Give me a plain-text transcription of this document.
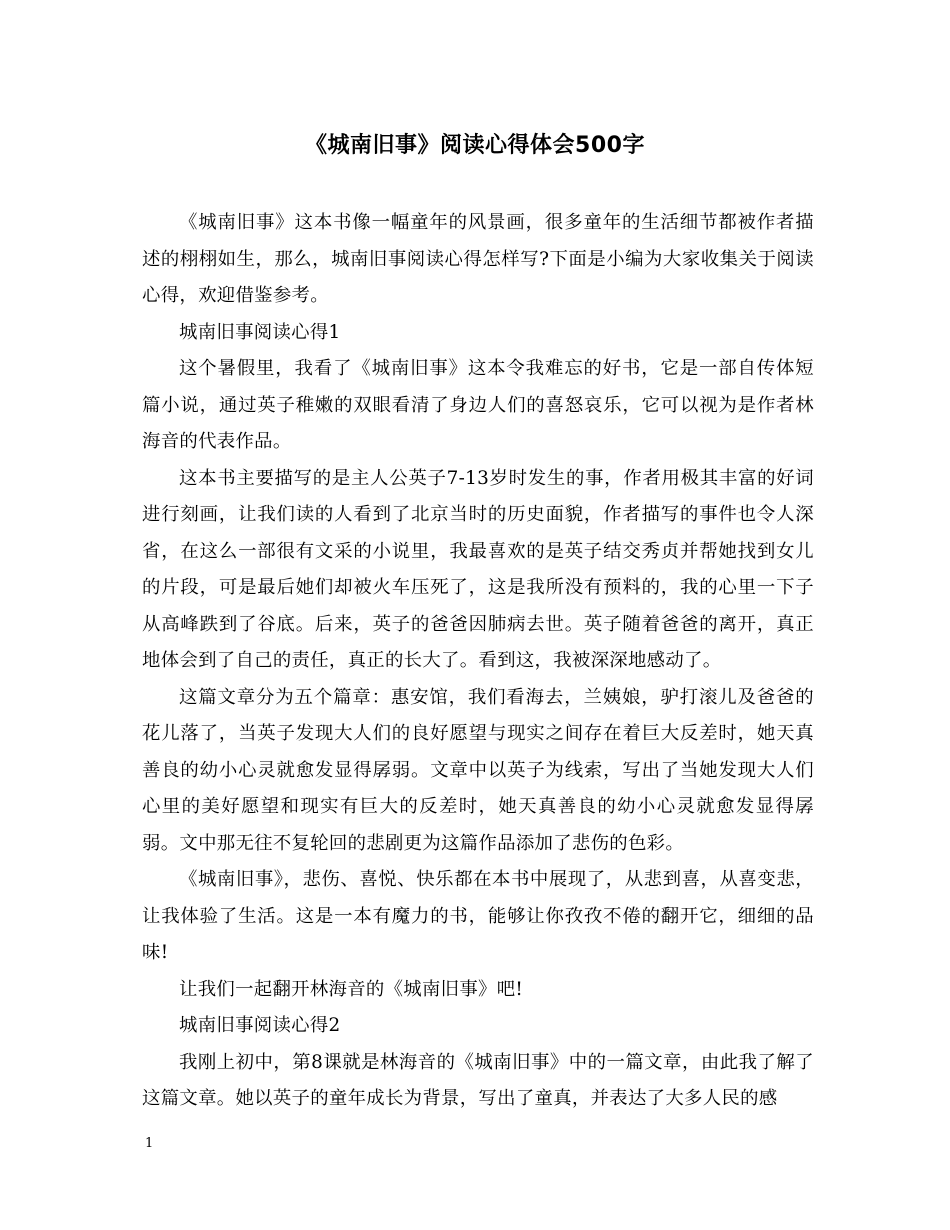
《城南旧事》阅读心得体会500字

《城南旧事》这本书像一幅童年的风景画，很多童年的生活细节都被作者描述的栩栩如生，那么，城南旧事阅读心得怎样写?下面是小编为大家收集关于阅读心得，欢迎借鉴参考。

城南旧事阅读心得1

这个暑假里，我看了《城南旧事》这本令我难忘的好书，它是一部自传体短篇小说，通过英子稚嫩的双眼看清了身边人们的喜怒哀乐，它可以视为是作者林海音的代表作品。

这本书主要描写的是主人公英子7-13岁时发生的事，作者用极其丰富的好词进行刻画，让我们读的人看到了北京当时的历史面貌，作者描写的事件也令人深省，在这么一部很有文采的小说里，我最喜欢的是英子结交秀贞并帮她找到女儿的片段，可是最后她们却被火车压死了，这是我所没有预料的，我的心里一下子从高峰跌到了谷底。后来，英子的爸爸因肺病去世。英子随着爸爸的离开，真正地体会到了自己的责任，真正的长大了。看到这，我被深深地感动了。

这篇文章分为五个篇章：惠安馆，我们看海去，兰姨娘，驴打滚儿及爸爸的花儿落了，当英子发现大人们的良好愿望与现实之间存在着巨大反差时，她天真善良的幼小心灵就愈发显得孱弱。文章中以英子为线索，写出了当她发现大人们心里的美好愿望和现实有巨大的反差时，她天真善良的幼小心灵就愈发显得孱弱。文中那无往不复轮回的悲剧更为这篇作品添加了悲伤的色彩。

《城南旧事》，悲伤、喜悦、快乐都在本书中展现了，从悲到喜，从喜变悲，让我体验了生活。这是一本有魔力的书，能够让你孜孜不倦的翻开它，细细的品味!

让我们一起翻开林海音的《城南旧事》吧!

城南旧事阅读心得2

我刚上初中，第8课就是林海音的《城南旧事》中的一篇文章，由此我了解了这篇文章。她以英子的童年成长为背景，写出了童真，并表达了大多人民的感

1
